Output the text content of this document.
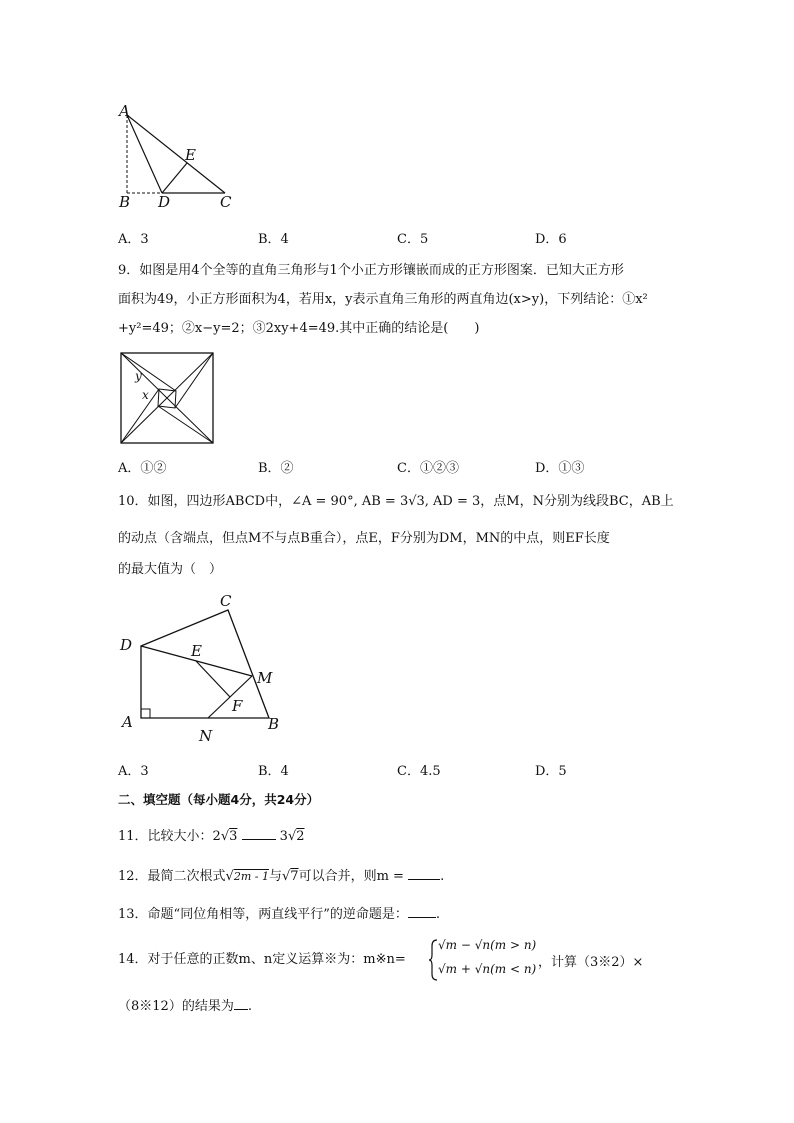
A
B D	C
E
A．3	B．4	C．5	D．6
9．如图是用4个全等的直角三角形与1个小正方形镶嵌而成的正方形图案．已知大正方形
面积为49，小正方形面积为4，若用x，y表示直角三角形的两直角边(x>y)，下列结论：①x²
+y²=49；②x−y=2；③2xy+4=49.其中正确的结论是(　　)
y
x
A．①②	B．②	C．①②③	D．①③
10．如图，四边形ABCD中，∠A = 90°, AB = 3√3, AD = 3，点M，N分别为线段BC，AB上
的动点（含端点，但点M不与点B重合），点E，F分别为DM，MN的中点，则EF长度
的最大值为（　）
C
D	E
M
F
A
N
B
A．3	B．4	C．4.5	D．5
二、填空题（每小题4分，共24分）
11．比较大小：2√3	3√2
12．最简二次根式√2m - 1与√7可以合并，则m =	.
13．命题“同位角相等，两直线平行”的逆命题是： .
14．对于任意的正数m、n定义运算※为：m※n=
√m − √n(m > n)
√m + √n(m < n) ，计算（3※2）×
（8※12）的结果为 .
